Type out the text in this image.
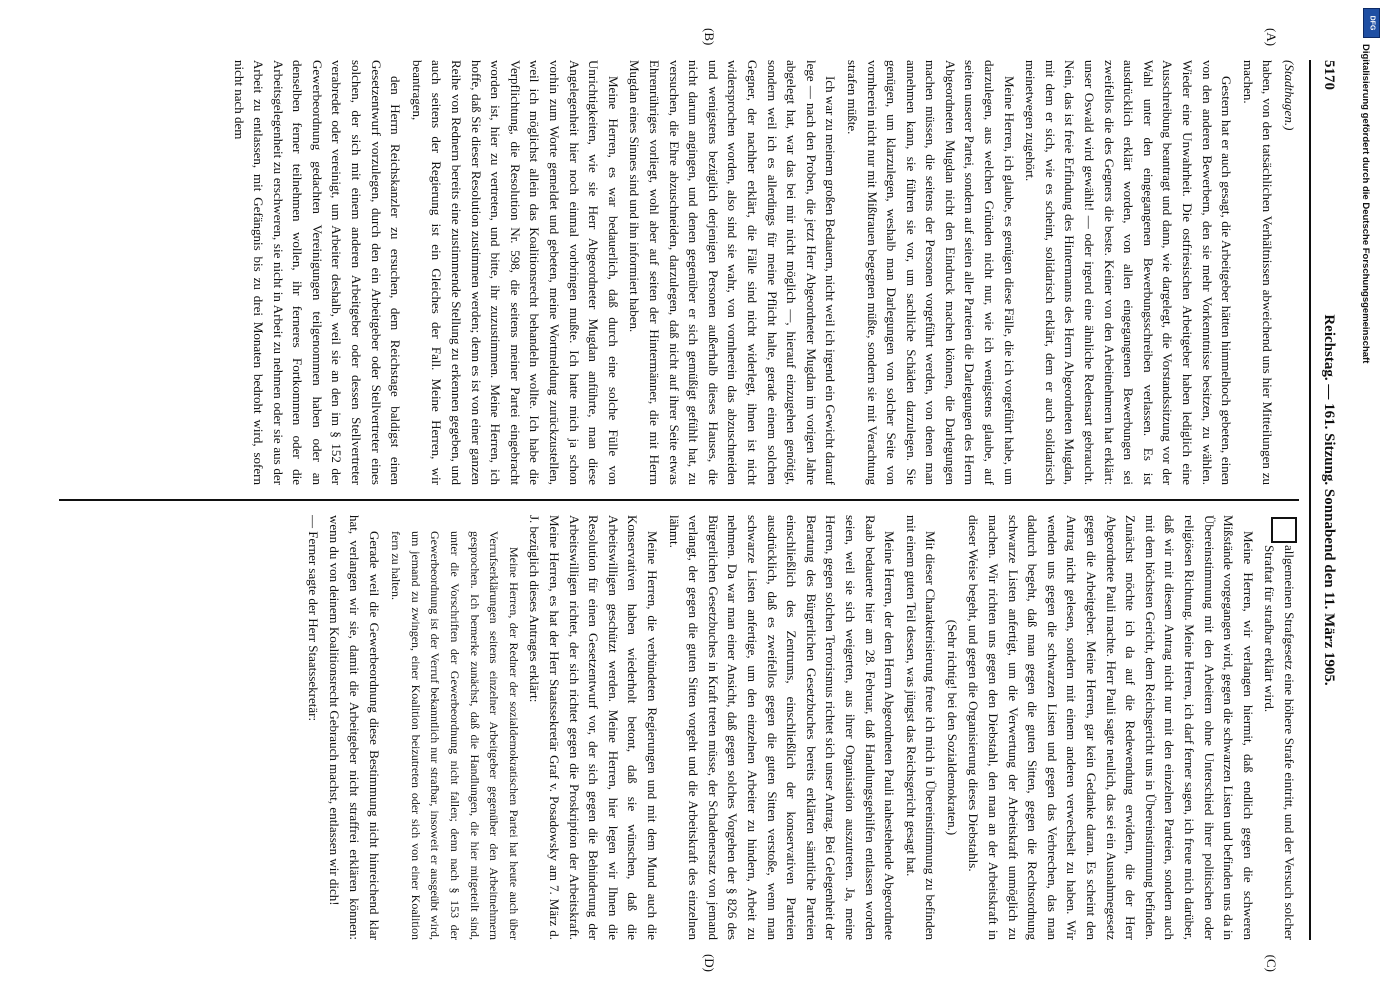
DFG
Digitalisierung gefördert durch die Deutsche Forschungsgemeinschaft
5170
Reichstag. — 161. Sitzung. Sonnabend den 11. März 1905.
(A)
(B)
(C)
(D)

(Stadthagen.)

haben, von den tatsächlichen Verhältnissen abweichend uns hier Mitteilungen zu machen.

Gestern hat er auch gesagt, die Arbeitgeber hätten himmelhoch gebeten, einen von den anderen Bewerbern, den sie mehr Vorkenntnisse besitzen, zu wählen. Wieder eine Unwahrheit. Die ostfriesischen Arbeitgeber haben lediglich eine Ausschreibung beantragt und dann, wie dargelegt, die Vorstandssitzung vor der Wahl unter den eingegangenen Bewerbungsschreiben verlassen. Es ist ausdrücklich erklärt worden, von allen eingegangenen Bewerbungen sei zweifellos die des Gegners die beste. Keiner von den Arbeitnehmern hat erklärt: unser Oswald wird gewählt! — oder irgend eine ähnliche Redensart gebraucht. Nein, das ist freie Erfindung des Hintermanns des Herrn Abgeordneten Mugdan, mit dem er sich, wie es scheint, solidarisch erklärt, dem er auch solidarisch meinetwegen zugehört.

Meine Herren, ich glaube, es genügen diese Fälle, die ich vorgeführt habe, um darzulegen, aus welchen Gründen nicht nur, wie ich wenigstens glaube, auf seiten unserer Partei, sondern auf seiten aller Parteien die Darlegungen des Herrn Abgeordneten Mugdan nicht den Eindruck machen können, die Darlegungen machen müssen, die seitens der Personen vorgeführt werden, von denen man annehmen kann, sie führen sie vor, um sachliche Schäden darzulegen. Sie genügen, um klarzulegen, weshalb man Darlegungen von solcher Seite von vornherein nicht nur mit Mißtrauen begegnen müßte, sondern sie mit Verachtung strafen müßte.

Ich war zu meinem großen Bedauern, nicht weil ich irgend ein Gewicht darauf lege — nach den Proben, die jetzt Herr Abgeordneter Mugdan im vorigen Jahre abgelegt hat, war das bei mir nicht möglich —, hierauf einzugehen genötigt, sondern weil ich es allerdings für meine Pflicht halte, gerade einem solchen Gegner, der nachher erklärt, die Fälle sind nicht widerlegt, ihnen ist nicht widersprochen worden, also sind sie wahr, von vornherein das abzuschneiden und wenigstens bezüglich derjenigen Personen außerhalb dieses Hauses, die nicht darum angingen, und denen gegenüber er sich gemüßigt gefühlt hat, zu versuchen, die Ehre abzuschneiden, darzulegen, daß nicht auf ihrer Seite etwas Ehrenrühriges vorliegt, wohl aber auf seiten der Hintermänner, die mit Herrn Mugdan eines Sinnes sind und ihn informiert haben.

Meine Herren, es war bedauerlich, daß durch eine solche Fülle von Unrichtigkeiten, wie sie Herr Abgeordneter Mugdan anführte, man diese Angelegenheit hier noch einmal vorbringen mußte. Ich hatte mich ja schon vorhin zum Worte gemeldet und gebeten, meine Wortmeldung zurückzustellen, weil ich möglichst allein das Koalitionsrecht behandeln wollte. Ich habe die Verpflichtung, die Resolution Nr. 598, die seitens meiner Partei eingebracht worden ist, hier zu vertreten, und bitte, ihr zuzustimmen. Meine Herren, ich hoffe, daß Sie dieser Resolution zustimmen werden; denn es ist von einer ganzen Reihe von Rednern bereits eine zustimmende Stellung zu erkennen gegeben, und auch seitens der Regierung ist ein Gleiches der Fall. Meine Herren, wir beantragen,

den Herrn Reichskanzler zu ersuchen, dem Reichstage baldigst einen Gesetzentwurf vorzulegen, durch den ein Arbeitgeber oder Stellvertreter eines solchen, der sich mit einem anderen Arbeitgeber oder dessen Stellvertreter verabredet oder vereinigt, um Arbeiter deshalb, weil sie an den im § 152 der Gewerbeordnung gedachten Vereinigungen teilgenommen haben oder an denselben ferner teilnehmen wollen, ihr ferneres Fortkommen oder die Arbeitsgelegenheit zu erschweren, sie nicht in Arbeit zu nehmen oder sie aus der Arbeit zu entlassen, mit Gefängnis bis zu drei Monaten bedroht wird, sofern nicht nach dem

allgemeinen Strafgesetz eine höhere Strafe eintritt, und der Versuch solcher Straftat für strafbar erklärt wird.

Meine Herren, wir verlangen hiermit, daß endlich gegen die schweren Mißstände vorgegangen wird, gegen die schwarzen Listen und befinden uns da in Übereinstimmung mit den Arbeitern ohne Unterschied ihrer politischen oder religiösen Richtung. Meine Herren, ich darf ferner sagen, ich freue mich darüber, daß wir mit diesem Antrag nicht nur mit den einzelnen Parteien, sondern auch mit dem höchsten Gericht, dem Reichsgericht uns in Übereinstimmung befinden. Zunächst möchte ich da auf die Redewendung erwidern, die der Herr Abgeordnete Pauli machte. Herr Pauli sagte neulich, das sei ein Ausnahmegesetz gegen die Arbeitgeber. Meine Herren, gar kein Gedanke daran. Es scheint den Antrag nicht gelesen, sondern mit einem anderen verwechselt zu haben. Wir wenden uns gegen die schwarzen Listen und gegen das Verbrechen, das man dadurch begeht, daß man gegen die guten Sitten, gegen die Rechtsordnung schwarze Listen anfertigt, um die Verwertung der Arbeitskraft unmöglich zu machen. Wir richten uns gegen den Diebstahl, den man an der Arbeitskraft in dieser Weise begeht, und gegen die Organisierung dieses Diebstahls.

(Sehr richtig! bei den Sozialdemokraten.)

Mit dieser Charakterisierung freue ich mich in Übereinstimmung zu befinden mit einem guten Teil dessen, was jüngst das Reichsgericht gesagt hat.

Meine Herren, der dem Herrn Abgeordneten Pauli nahestehende Abgeordnete Raab bedauerte hier am 28. Februar, daß Handlungsgehilfen entlassen worden seien, weil sie sich weigerten, aus ihrer Organisation auszutreten. Ja, meine Herren, gegen solchen Terrorismus richtet sich unser Antrag. Bei Gelegenheit der Beratung des Bürgerlichen Gesetzbuches bereits erklärten sämtliche Parteien einschließlich des Zentrums, einschließlich der konservativen Parteien ausdrücklich, daß es zweifellos gegen die guten Sitten verstoße, wenn man schwarze Listen anfertige, um den einzelnen Arbeiter zu hindern, Arbeit zu nehmen. Da war man einer Ansicht, daß gegen solches Vorgehen der § 826 des Bürgerlichen Gesetzbuches in Kraft treten müsse, der Schadenersatz von jemand verlangt, der gegen die guten Sitten vorgeht und die Arbeitskraft des einzelnen lähmt.

Meine Herren, die verbündeten Regierungen und mit dem Mund auch die Konservativen haben wiederholt betont, daß sie wünschen, daß die Arbeitswilligen geschützt werden. Meine Herren, hier legen wir Ihnen die Resolution für einen Gesetzentwurf vor, der sich gegen die Behinderung der Arbeitswilligen richtet, der sich richtet gegen die Proskription der Arbeitskraft. Meine Herren, es hat der Herr Staatssekretär Graf v. Posadowsky am 7. März d. J. bezüglich dieses Antrages erklärt:

Meine Herren, der Redner der sozialdemokratischen Partei hat heute auch über Verrufserklärungen seitens einzelner Arbeitgeber gegenüber den Arbeitnehmern gesprochen. Ich bemerke zunächst, daß die Handlungen, die hier mitgeteilt sind, unter die Vorschriften der Gewerbeordnung nicht fallen; denn nach § 153 der Gewerbeordnung ist der Verruf bekanntlich nur strafbar, insoweit er ausgeübt wird, um jemand zu zwingen, einer Koalition beizutreten oder sich von einer Koalition fern zu halten.

Gerade weil die Gewerbeordnung diese Bestimmung nicht hinreichend klar hat, verlangen wir sie, damit die Arbeitgeber nicht straffrei erklären können: wenn du von deinem Koalitionsrecht Gebrauch machst, entlassen wir dich!

— Ferner sagte der Herr Staatssekretär:
